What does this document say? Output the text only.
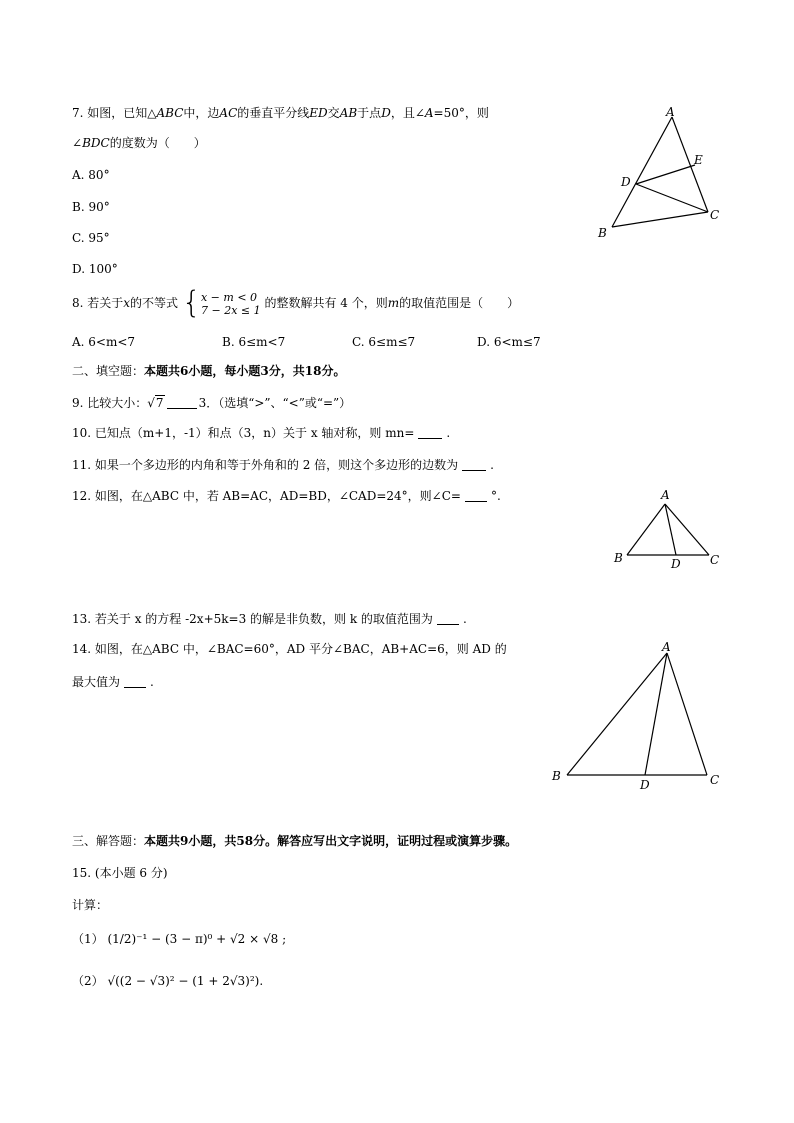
7. 如图，已知△ABC中，边AC的垂直平分线ED交AB于点D，且∠A=50°，则
∠BDC的度数为（　　）
A. 80°
B. 90°
C. 95°
D. 100°
A
E
D
C
B
8. 若关于x的不等式 { x − m < 0
7 − 2x ≤ 1 的整数解共有 4 个，则m的取值范围是（　　）
A. 6<m<7	B. 6≤m<7	C. 6≤m≤7	D. 6<m≤7
二、填空题：本题共6小题，每小题3分，共18分。
9. 比较大小：√7	3．（选填“>”、“<”或“=”）
10. 已知点（m+1，-1）和点（3，n）关于 x 轴对称，则 mn=	.
11. 如果一个多边形的内角和等于外角和的 2 倍，则这个多边形的边数为	.
12. 如图，在△ABC 中，若 AB=AC，AD=BD，∠CAD=24°，则∠C=	°.	A
B	D C
13. 若关于 x 的方程 -2x+5k=3 的解是非负数，则 k 的取值范围为	.
14. 如图，在△ABC 中，∠BAC=60°，AD 平分∠BAC，AB+AC=6，则 AD 的
最大值为	.
A
B
D	C
三、解答题：本题共9小题，共58分。解答应写出文字说明，证明过程或演算步骤。
15. (本小题 6 分)
计算：
（1） (1/2)⁻¹ − (3 − π)⁰ + √2 × √8 ;
（2） √((2 − √3)² − (1 + 2√3)²).
